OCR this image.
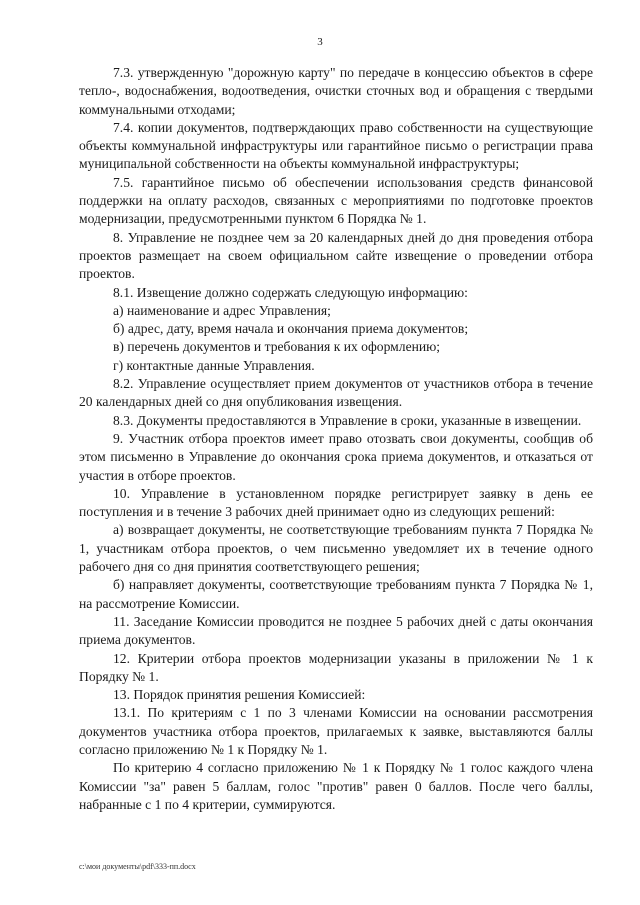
3

7.3. утвержденную "дорожную карту" по передаче в концессию объектов в сфере тепло-, водоснабжения, водоотведения, очистки сточных вод и обращения с твердыми коммунальными отходами;

7.4. копии документов, подтверждающих право собственности на существующие объекты коммунальной инфраструктуры или гарантийное письмо о регистрации права муниципальной собственности на объекты коммунальной инфраструктуры;

7.5. гарантийное письмо об обеспечении использования средств финансовой поддержки на оплату расходов, связанных с мероприятиями по подготовке проектов модернизации, предусмотренными пунктом 6 Порядка № 1.

8. Управление не позднее чем за 20 календарных дней до дня проведения отбора проектов размещает на своем официальном сайте извещение о проведении отбора проектов.

8.1. Извещение должно содержать следующую информацию:

а) наименование и адрес Управления;

б) адрес, дату, время начала и окончания приема документов;

в) перечень документов и требования к их оформлению;

г) контактные данные Управления.

8.2. Управление осуществляет прием документов от участников отбора в течение 20 календарных дней со дня опубликования извещения.

8.3. Документы предоставляются в Управление в сроки, указанные в извещении.

9. Участник отбора проектов имеет право отозвать свои документы, сообщив об этом письменно в Управление до окончания срока приема документов, и отказаться от участия в отборе проектов.

10. Управление в установленном порядке регистрирует заявку в день ее поступления и в течение 3 рабочих дней принимает одно из следующих решений:

а) возвращает документы, не соответствующие требованиям пункта 7 Порядка № 1, участникам отбора проектов, о чем письменно уведомляет их в течение одного рабочего дня со дня принятия соответствующего решения;

б) направляет документы, соответствующие требованиям пункта 7 Порядка № 1, на рассмотрение Комиссии.

11. Заседание Комиссии проводится не позднее 5 рабочих дней с даты окончания приема документов.

12. Критерии отбора проектов модернизации указаны в приложении № 1 к Порядку № 1.

13. Порядок принятия решения Комиссией:

13.1. По критериям с 1 по 3 членами Комиссии на основании рассмотрения документов участника отбора проектов, прилагаемых к заявке, выставляются баллы согласно приложению № 1 к Порядку № 1.

По критерию 4 согласно приложению № 1 к Порядку № 1 голос каждого члена Комиссии "за" равен 5 баллам, голос "против" равен 0 баллов. После чего баллы, набранные с 1 по 4 критерии, суммируются.

c:\мои документы\pdf\333-пп.docx
